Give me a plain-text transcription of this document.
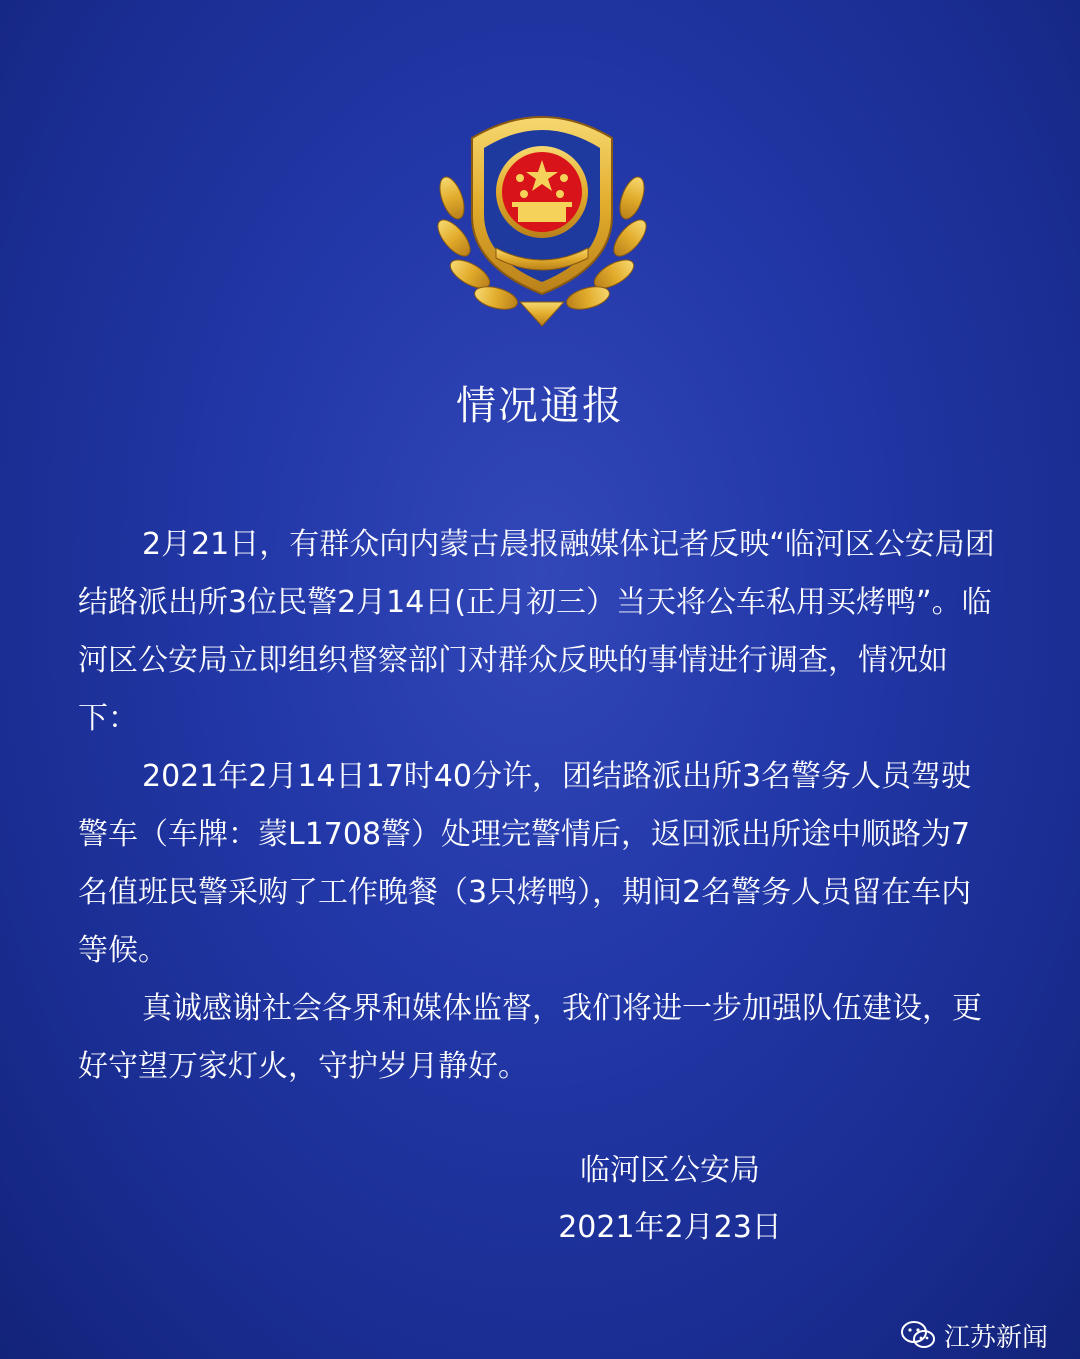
情况通报

2月21日，有群众向内蒙古晨报融媒体记者反映“临河区公安局团结路派出所3位民警2月14日(正月初三）当天将公车私用买烤鸭”。临河区公安局立即组织督察部门对群众反映的事情进行调查，情况如下：

2021年2月14日17时40分许，团结路派出所3名警务人员驾驶警车（车牌：蒙L1708警）处理完警情后，返回派出所途中顺路为7名值班民警采购了工作晚餐（3只烤鸭），期间2名警务人员留在车内等候。

真诚感谢社会各界和媒体监督，我们将进一步加强队伍建设，更好守望万家灯火，守护岁月静好。

临河区公安局
2021年2月23日
江苏新闻
